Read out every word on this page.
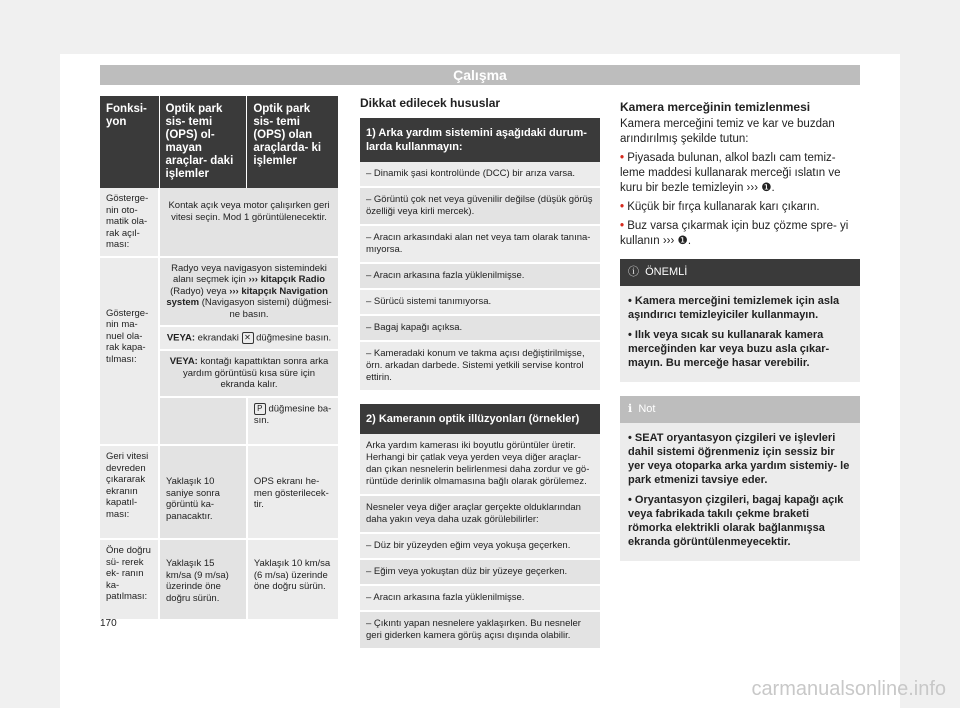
Çalışma
Fonksi- yon	Optik park sis- temi (OPS) ol- mayan araçlar- daki işlemler	Optik park sis- temi (OPS) olan araçlarda- ki işlemler
Gösterge- nin oto- matik ola- rak açıl- ması:	Kontak açık veya motor çalışırken geri vitesi seçin. Mod 1 görüntülenecektir.	
Gösterge- nin ma- nuel ola- rak kapa- tılması:	Radyo veya navigasyon sistemindeki alanı seçmek için ››› kitapçık Radio (Radyo) veya ››› kitapçık Navigation system (Navigasyon sistemi) düğmesi- ne basın.	
	VEYA: ekrandaki ✕ düğmesine basın.	
	VEYA: kontağı kapattıktan sonra arka yardım görüntüsü kısa süre için ekranda kalır.	
		P düğmesine ba- sın.
Geri vitesi devreden çıkararak ekranın kapatıl- ması:	Yaklaşık 10 saniye sonra görüntü ka- panacaktır.	OPS ekranı he- men gösterilecek- tir.
Öne doğru sü- rerek ek- ranın ka- patılması:	Yaklaşık 15 km/sa (9 m/sa) üzerinde öne doğru sürün.	Yaklaşık 10 km/sa (6 m/sa) üzerinde öne doğru sürün.
Dikkat edilecek hususlar
1) Arka yardım sistemini aşağıdaki durum- larda kullanmayın:
– Dinamik şasi kontrolünde (DCC) bir arıza varsa.
– Görüntü çok net veya güvenilir değilse (düşük görüş özelliği veya kirli mercek).
– Aracın arkasındaki alan net veya tam olarak tanına- mıyorsa.
– Aracın arkasına fazla yüklenilmişse.
– Sürücü sistemi tanımıyorsa.
– Bagaj kapağı açıksa.
– Kameradaki konum ve takma açısı değiştirilmişse, örn. arkadan darbede. Sistemi yetkili servise kontrol ettirin.
2) Kameranın optik illüzyonları (örnekler)
Arka yardım kamerası iki boyutlu görüntüler üretir. Herhangi bir çatlak veya yerden veya diğer araçlar- dan çıkan nesnelerin belirlenmesi daha zordur ve gö- rüntüde derinlik olmamasına bağlı olarak görülemez.
Nesneler veya diğer araçlar gerçekte olduklarından daha yakın veya daha uzak görülebilirler:
– Düz bir yüzeyden eğim veya yokuşa geçerken.
– Eğim veya yokuştan düz bir yüzeye geçerken.
– Aracın arkasına fazla yüklenilmişse.
– Çıkıntı yapan nesnelere yaklaşırken. Bu nesneler geri giderken kamera görüş açısı dışında olabilir.
Kamera merceğinin temizlenmesi

Kamera merceğini temiz ve kar ve buzdan arındırılmış şekilde tutun:

• Piyasada bulunan, alkol bazlı cam temiz- leme maddesi kullanarak merceği ıslatın ve kuru bir bezle temizleyin ››› ❶.

• Küçük bir fırça kullanarak karı çıkarın.

• Buz varsa çıkarmak için buz çözme spre- yi kullanın ››› ❶.

ⓘ ÖNEMLİ
• Kamera merceğini temizlemek için asla aşındırıcı temizleyiciler kullanmayın.
• Ilık veya sıcak su kullanarak kamera merceğinden kar veya buzu asla çıkar- mayın. Bu merceğe hasar verebilir.
ℹ Not
• SEAT oryantasyon çizgileri ve işlevleri dahil sistemi öğrenmeniz için sessiz bir yer veya otoparka arka yardım sistemiy- le park etmenizi tavsiye eder.
• Oryantasyon çizgileri, bagaj kapağı açık veya fabrikada takılı çekme braketi römorka elektrikli olarak bağlanmışsa ekranda görüntülenmeyecektir.
170
carmanualsonline.info
